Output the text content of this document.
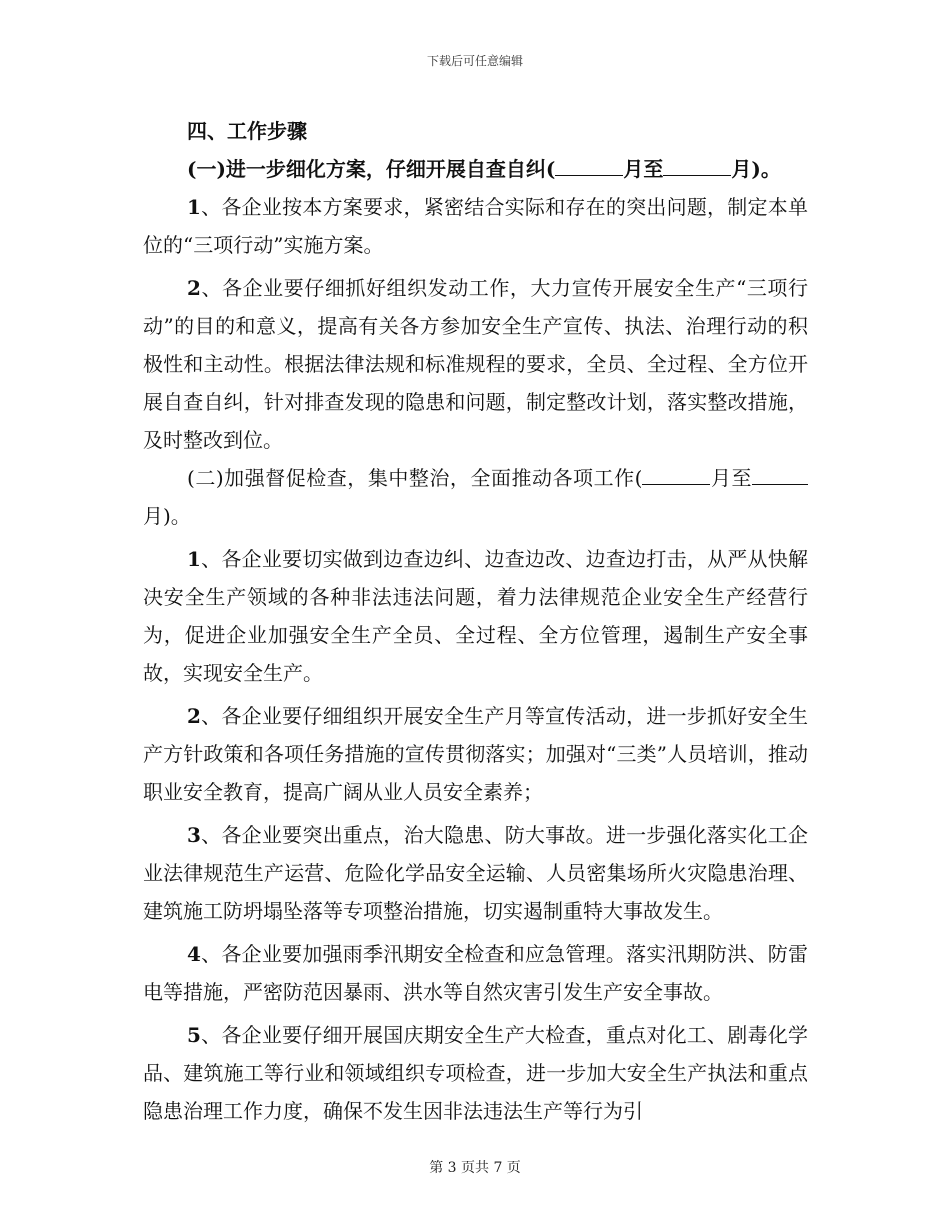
下载后可任意编辑

四、工作步骤

(一)进一步细化方案，仔细开展自查自纠(	月至	月)。

1、各企业按本方案要求，紧密结合实际和存在的突出问题，制定本单位的“三项行动”实施方案。

2、各企业要仔细抓好组织发动工作，大力宣传开展安全生产“三项行动”的目的和意义，提高有关各方参加安全生产宣传、执法、治理行动的积极性和主动性。根据法律法规和标准规程的要求，全员、全过程、全方位开展自查自纠，针对排查发现的隐患和问题，制定整改计划，落实整改措施，及时整改到位。

(二)加强督促检查，集中整治，全面推动各项工作(	月至月)。

1、各企业要切实做到边查边纠、边查边改、边查边打击，从严从快解决安全生产领域的各种非法违法问题，着力法律规范企业安全生产经营行为，促进企业加强安全生产全员、全过程、全方位管理，遏制生产安全事故，实现安全生产。

2、各企业要仔细组织开展安全生产月等宣传活动，进一步抓好安全生产方针政策和各项任务措施的宣传贯彻落实；加强对“三类”人员培训，推动职业安全教育，提高广阔从业人员安全素养；

3、各企业要突出重点，治大隐患、防大事故。进一步强化落实化工企业法律规范生产运营、危险化学品安全运输、人员密集场所火灾隐患治理、建筑施工防坍塌坠落等专项整治措施，切实遏制重特大事故发生。

4、各企业要加强雨季汛期安全检查和应急管理。落实汛期防洪、防雷电等措施，严密防范因暴雨、洪水等自然灾害引发生产安全事故。

5、各企业要仔细开展国庆期安全生产大检查，重点对化工、剧毒化学品、建筑施工等行业和领域组织专项检查，进一步加大安全生产执法和重点隐患治理工作力度，确保不发生因非法违法生产等行为引

第 3 页共 7 页
